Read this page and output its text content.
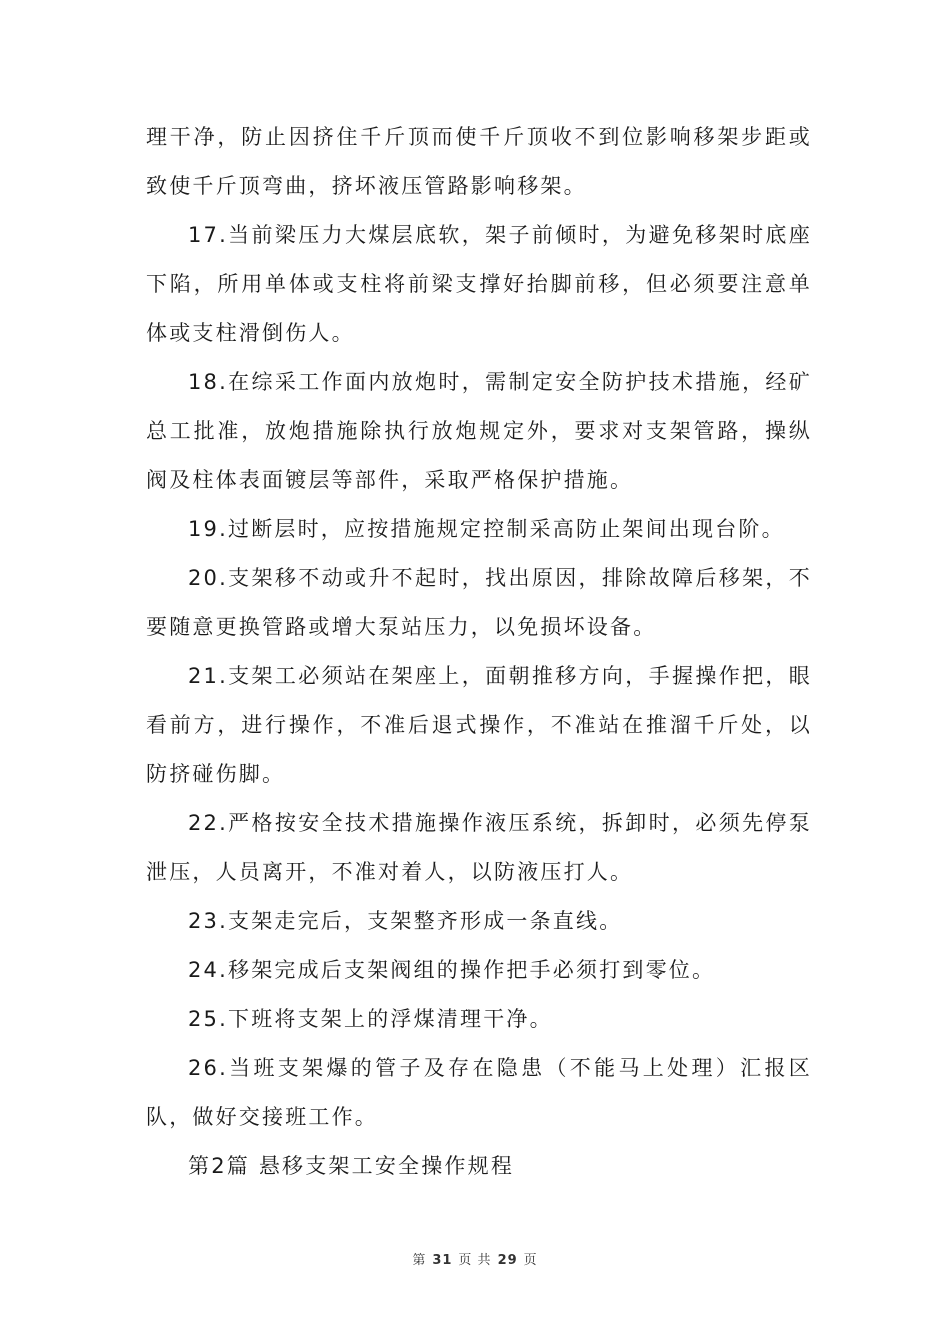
理干净，防止因挤住千斤顶而使千斤顶收不到位影响移架步距或致使千斤顶弯曲，挤坏液压管路影响移架。

17.当前梁压力大煤层底软，架子前倾时，为避免移架时底座下陷，所用单体或支柱将前梁支撑好抬脚前移，但必须要注意单体或支柱滑倒伤人。

18.在综采工作面内放炮时，需制定安全防护技术措施，经矿总工批准，放炮措施除执行放炮规定外，要求对支架管路，操纵阀及柱体表面镀层等部件，采取严格保护措施。

19.过断层时，应按措施规定控制采高防止架间出现台阶。

20.支架移不动或升不起时，找出原因，排除故障后移架，不要随意更换管路或增大泵站压力，以免损坏设备。

21.支架工必须站在架座上，面朝推移方向，手握操作把，眼看前方，进行操作，不准后退式操作，不准站在推溜千斤处，以防挤碰伤脚。

22.严格按安全技术措施操作液压系统，拆卸时，必须先停泵泄压，人员离开，不准对着人，以防液压打人。

23.支架走完后，支架整齐形成一条直线。

24.移架完成后支架阀组的操作把手必须打到零位。

25.下班将支架上的浮煤清理干净。

26.当班支架爆的管子及存在隐患（不能马上处理）汇报区队，做好交接班工作。

第2篇 悬移支架工安全操作规程

第 31 页 共 29 页
